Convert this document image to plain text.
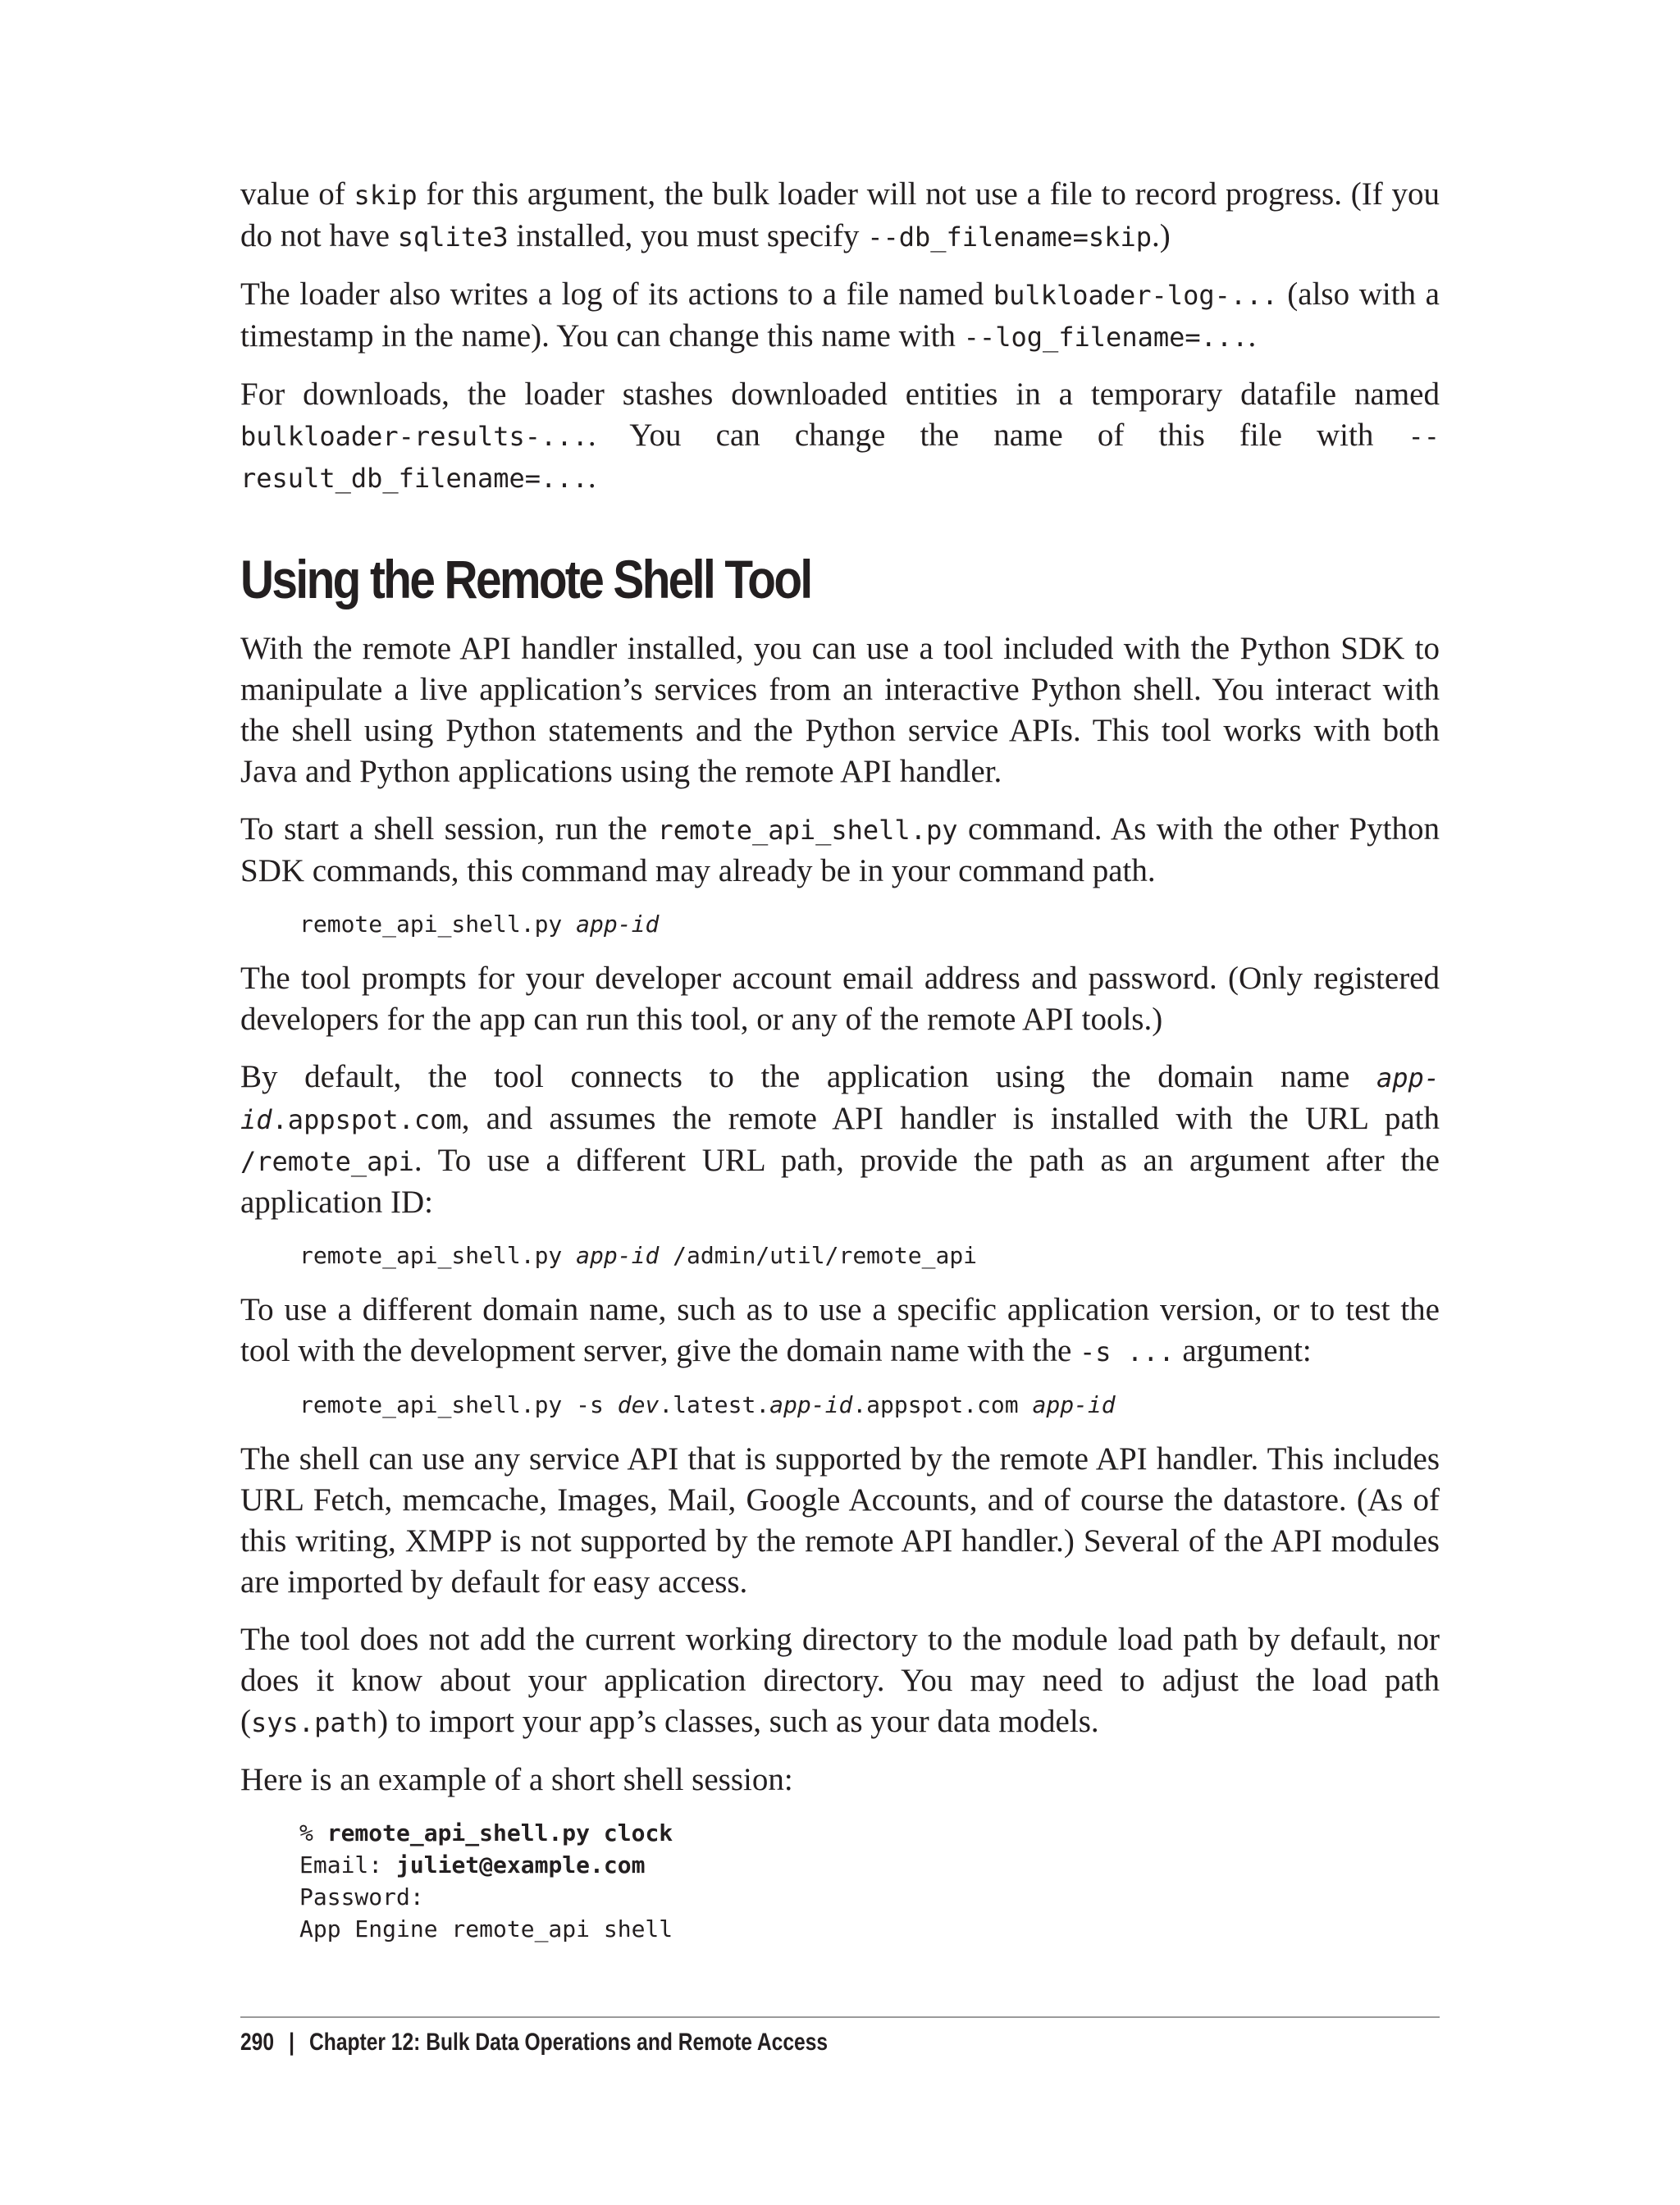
value of skip for this argument, the bulk loader will not use a file to record progress. (If you do not have sqlite3 installed, you must specify --db_filename=skip.)

The loader also writes a log of its actions to a file named bulkloader-log-... (also with a timestamp in the name). You can change this name with --log_filename=....

For downloads, the loader stashes downloaded entities in a temporary datafile named bulkloader-results-.... You can change the name of this file with --result_db_filename=....

Using the Remote Shell Tool

With the remote API handler installed, you can use a tool included with the Python SDK to manipulate a live application’s services from an interactive Python shell. You interact with the shell using Python statements and the Python service APIs. This tool works with both Java and Python applications using the remote API handler.

To start a shell session, run the remote_api_shell.py command. As with the other Python SDK commands, this command may already be in your command path.

remote_api_shell.py app-id

The tool prompts for your developer account email address and password. (Only registered developers for the app can run this tool, or any of the remote API tools.)

By default, the tool connects to the application using the domain name app-id.appspot.com, and assumes the remote API handler is installed with the URL path /remote_api. To use a different URL path, provide the path as an argument after the application ID:

remote_api_shell.py app-id /admin/util/remote_api

To use a different domain name, such as to use a specific application version, or to test the tool with the development server, give the domain name with the -s ... argument:

remote_api_shell.py -s dev.latest.app-id.appspot.com app-id

The shell can use any service API that is supported by the remote API handler. This includes URL Fetch, memcache, Images, Mail, Google Accounts, and of course the datastore. (As of this writing, XMPP is not supported by the remote API handler.) Several of the API modules are imported by default for easy access.

The tool does not add the current working directory to the module load path by default, nor does it know about your application directory. You may need to adjust the load path (sys.path) to import your app’s classes, such as your data models.

Here is an example of a short shell session:

% remote_api_shell.py clock
Email: juliet@example.com
Password:
App Engine remote_api shell
290 | Chapter 12: Bulk Data Operations and Remote Access
